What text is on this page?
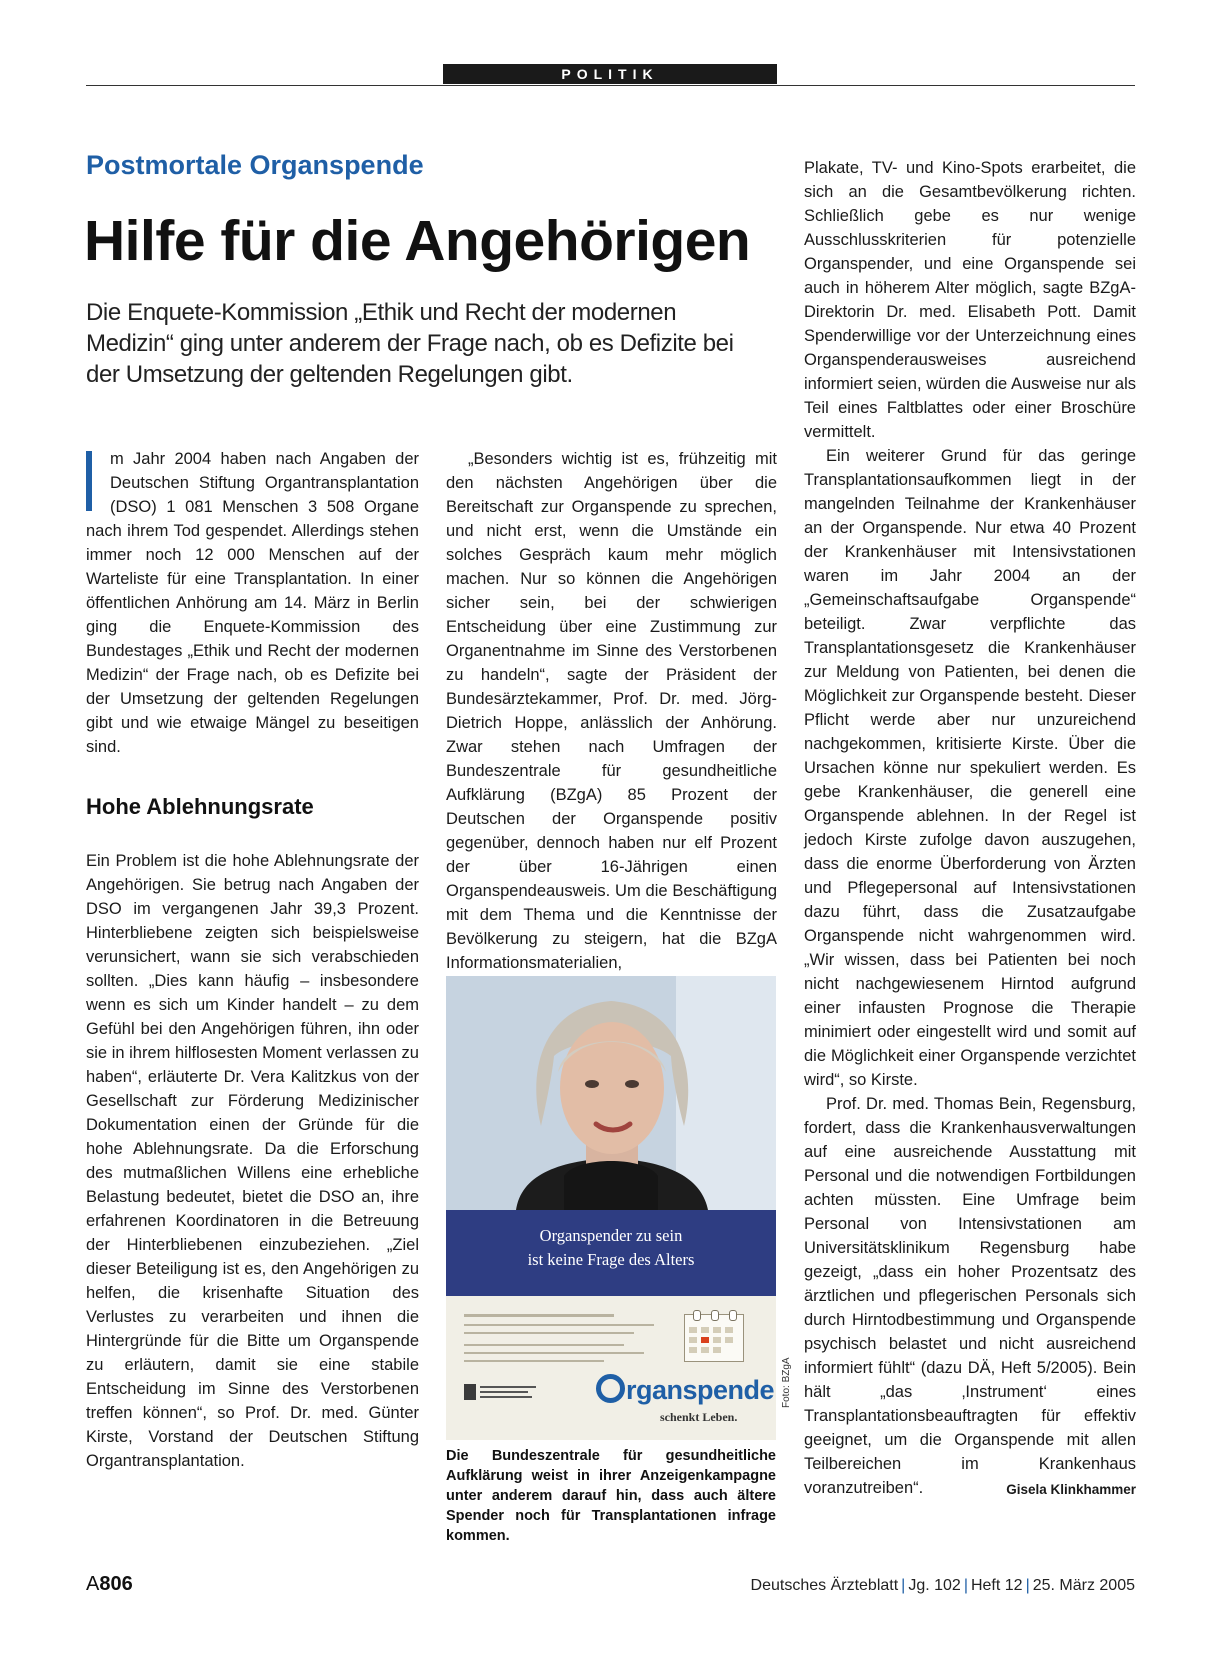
POLITIK
Postmortale Organspende
Hilfe für die Angehörigen
Die Enquete-Kommission „Ethik und Recht der modernen Medizin“ ging unter anderem der Frage nach, ob es Defizite bei der Umsetzung der geltenden Regelungen gibt.

m Jahr 2004 haben nach Angaben der Deutschen Stiftung Organtransplantation (DSO) 1 081 Menschen 3 508 Organe nach ihrem Tod gespendet. Allerdings stehen immer noch 12 000 Menschen auf der Warteliste für eine Transplantation. In einer öffentlichen Anhörung am 14. März in Berlin ging die Enquete-Kommission des Bundestages „Ethik und Recht der modernen Medizin“ der Frage nach, ob es Defizite bei der Umsetzung der geltenden Regelungen gibt und wie etwaige Mängel zu beseitigen sind.

Hohe Ablehnungsrate

Ein Problem ist die hohe Ablehnungsrate der Angehörigen. Sie betrug nach Angaben der DSO im vergangenen Jahr 39,3 Prozent. Hinterbliebene zeigten sich beispielsweise verunsichert, wann sie sich verabschieden sollten. „Dies kann häufig – insbesondere wenn es sich um Kinder handelt – zu dem Gefühl bei den Angehörigen führen, ihn oder sie in ihrem hilflosesten Moment verlassen zu haben“, erläuterte Dr. Vera Kalitzkus von der Gesellschaft zur Förderung Medizinischer Dokumentation einen der Gründe für die hohe Ablehnungsrate. Da die Erforschung des mutmaßlichen Willens eine erhebliche Belastung bedeutet, bietet die DSO an, ihre erfahrenen Koordinatoren in die Betreuung der Hinterbliebenen einzubeziehen. „Ziel dieser Beteiligung ist es, den Angehörigen zu helfen, die krisenhafte Situation des Verlustes zu verarbeiten und ihnen die Hintergründe für die Bitte um Organspende zu erläutern, damit sie eine stabile Entscheidung im Sinne des Verstorbenen treffen können“, so Prof. Dr. med. Günter Kirste, Vorstand der Deutschen Stiftung Organtransplantation.

„Besonders wichtig ist es, frühzeitig mit den nächsten Angehörigen über die Bereitschaft zur Organspende zu sprechen, und nicht erst, wenn die Umstände ein solches Gespräch kaum mehr möglich machen. Nur so können die Angehörigen sicher sein, bei der schwierigen Entscheidung über eine Zustimmung zur Organentnahme im Sinne des Verstorbenen zu handeln“, sagte der Präsident der Bundesärztekammer, Prof. Dr. med. Jörg-Dietrich Hoppe, anlässlich der Anhörung. Zwar stehen nach Umfragen der Bundeszentrale für gesundheitliche Aufklärung (BZgA) 85 Prozent der Deutschen der Organspende positiv gegenüber, dennoch haben nur elf Prozent der über 16-Jährigen einen Organspendeausweis. Um die Beschäftigung mit dem Thema und die Kenntnisse der Bevölkerung zu steigern, hat die BZgA Informationsmaterialien,

Plakate, TV- und Kino-Spots erarbeitet, die sich an die Gesamtbevölkerung richten. Schließlich gebe es nur wenige Ausschlusskriterien für potenzielle Organspender, und eine Organspende sei auch in höherem Alter möglich, sagte BZgA-Direktorin Dr. med. Elisabeth Pott. Damit Spenderwillige vor der Unterzeichnung eines Organspenderausweises ausreichend informiert seien, würden die Ausweise nur als Teil eines Faltblattes oder einer Broschüre vermittelt.

Ein weiterer Grund für das geringe Transplantationsaufkommen liegt in der mangelnden Teilnahme der Krankenhäuser an der Organspende. Nur etwa 40 Prozent der Krankenhäuser mit Intensivstationen waren im Jahr 2004 an der „Gemeinschaftsaufgabe Organspende“ beteiligt. Zwar verpflichte das Transplantationsgesetz die Krankenhäuser zur Meldung von Patienten, bei denen die Möglichkeit zur Organspende besteht. Dieser Pflicht werde aber nur unzureichend nachgekommen, kritisierte Kirste. Über die Ursachen könne nur spekuliert werden. Es gebe Krankenhäuser, die generell eine Organspende ablehnen. In der Regel ist jedoch Kirste zufolge davon auszugehen, dass die enorme Überforderung von Ärzten und Pflegepersonal auf Intensivstationen dazu führt, dass die Zusatzaufgabe Organspende nicht wahrgenommen wird. „Wir wissen, dass bei Patienten bei noch nicht nachgewiesenem Hirntod aufgrund einer infausten Prognose die Therapie minimiert oder eingestellt wird und somit auf die Möglichkeit einer Organspende verzichtet wird“, so Kirste.

Prof. Dr. med. Thomas Bein, Regensburg, fordert, dass die Krankenhausverwaltungen auf eine ausreichende Ausstattung mit Personal und die notwendigen Fortbildungen achten müssten. Eine Umfrage beim Personal von Intensivstationen am Universitätsklinikum Regensburg habe gezeigt, „dass ein hoher Prozentsatz des ärztlichen und pflegerischen Personals sich durch Hirntodbestimmung und Organspende psychisch belastet und nicht ausreichend informiert fühlt“ (dazu DÄ, Heft 5/2005). Bein hält „das ‚Instrument‘ eines Transplantationsbeauftragten für effektiv geeignet, um die Organspende mit allen Teilbereichen im Krankenhaus voranzutreiben“.	Gisela Klinkhammer

Organspender zu sein
ist keine Frage des Alters
rganspende
schenkt Leben.
Foto: BZgA
Die Bundeszentrale für gesundheitliche Aufklärung weist in ihrer Anzeigenkampagne unter anderem darauf hin, dass auch ältere Spender noch für Transplantationen infrage kommen.
A806	Deutsches Ärzteblatt | Jg. 102 | Heft 12 | 25. März 2005
